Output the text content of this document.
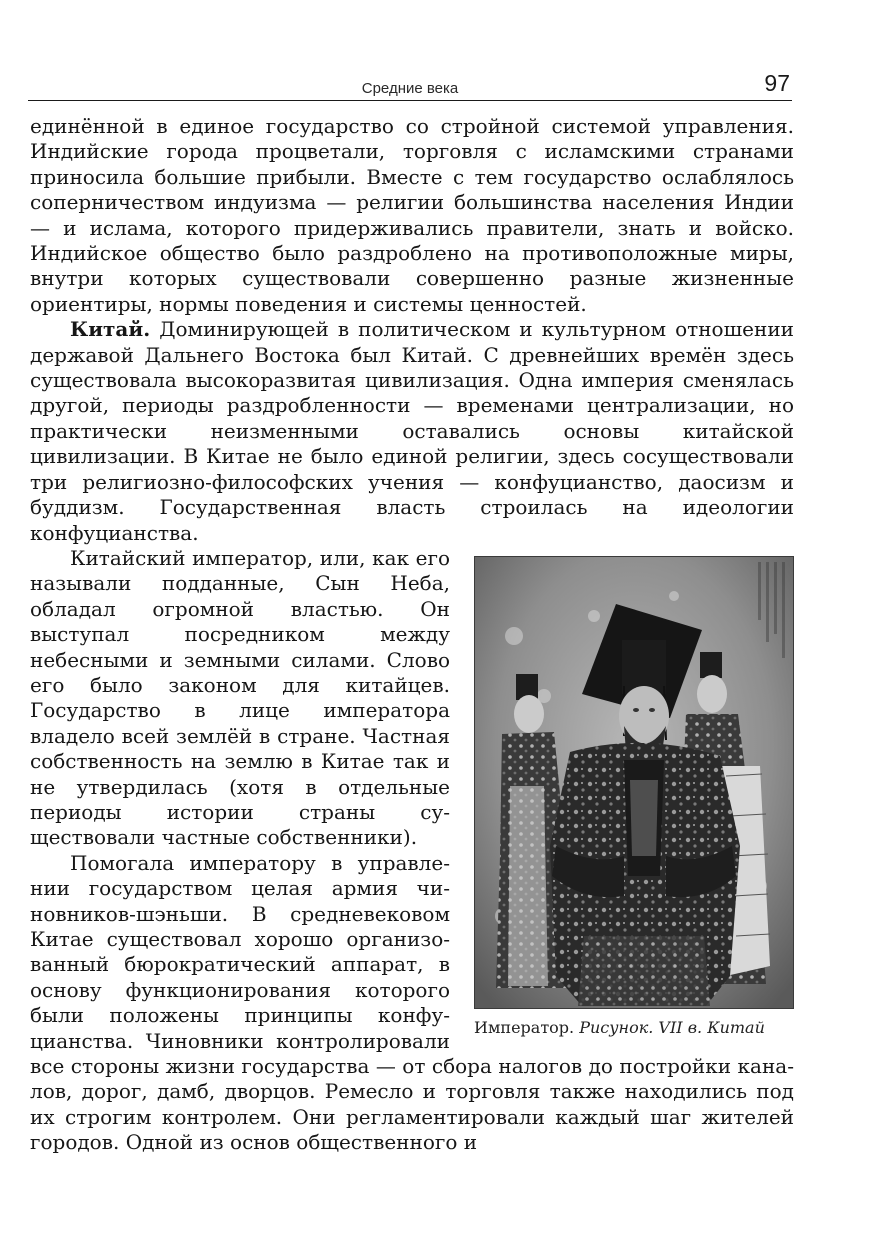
Средние века	97

единённой в единое государство со стройной системой управления. Индийские города процветали, торговля с исламскими странами приносила большие прибыли. Вместе с тем государство ослаблялось соперничеством индуизма — религии большинства населения Индии — и ислама, которого придерживались правители, знать и войско. Индийское общество было раздроблено на противоположные миры, внутри которых существовали совершенно разные жизненные ориентиры, нормы поведения и системы ценностей.

Китай. Доминирующей в политическом и культурном отношении державой Дальнего Востока был Китай. С древнейших времён здесь существовала высокоразвитая цивилизация. Одна империя сменялась другой, периоды раздробленности — временами централизации, но практически неизменными оставались основы китайской цивилизации. В Китае не было единой религии, здесь сосуществовали три религиозно-философских учения — конфуцианство, даосизм и буддизм. Государственная власть строилась на идеологии конфуцианства.

Император. Рисунок. VII в. Китай
Китайский император, или, как его называли подданные, Сын Неба, обладал огромной властью. Он выступал посредником между небесными и земными силами. Слово его было законом для китайцев. Государство в лице императора владело всей землёй в стране. Частная собственность на землю в Китае так и не утвердилась (хотя в отдельные периоды истории страны существовали частные собственники).

Помогала императору в управлении государством целая армия чиновников-шэньши. В средневековом Китае существовал хорошо организованный бюрократический аппарат, в основу функционирования которого были положены принципы конфуцианства. Чиновники контролировали все стороны жизни государства — от сбора налогов до постройки каналов, дорог, дамб, дворцов. Ремесло и торговля также находились под их строгим контролем. Они регламентировали каждый шаг жителей городов. Одной из основ общественного и
